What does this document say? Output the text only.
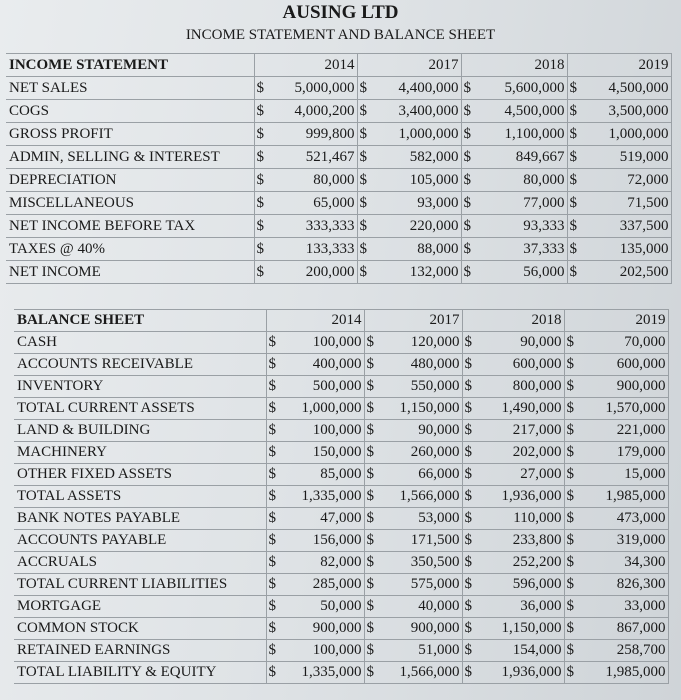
AUSING LTD
INCOME STATEMENT AND BALANCE SHEET
INCOME STATEMENT	2014	2017	2018	2019
NET SALES	$ 5,000,000	$ 4,400,000	$ 5,600,000	$ 4,500,000

COGS	$ 4,000,200	$ 3,400,000	$ 4,500,000	$ 3,500,000

GROSS PROFIT	$ 999,800	$ 1,000,000	$ 1,100,000	$ 1,000,000

ADMIN, SELLING & INTEREST	$ 521,467	$ 582,000	$ 849,667	$ 519,000

DEPRECIATION	$ 80,000	$ 105,000	$ 80,000	$ 72,000

MISCELLANEOUS	$ 65,000	$ 93,000	$ 77,000	$ 71,500

NET INCOME BEFORE TAX	$ 333,333	$ 220,000	$ 93,333	$ 337,500

TAXES @ 40%	$ 133,333	$ 88,000	$ 37,333	$ 135,000

NET INCOME	$ 200,000	$ 132,000	$ 56,000	$ 202,500
BALANCE SHEET	2014	2017	2018	2019
CASH	$ 100,000	$ 120,000	$ 90,000	$ 70,000

ACCOUNTS RECEIVABLE	$ 400,000	$ 480,000	$ 600,000	$ 600,000

INVENTORY	$ 500,000	$ 550,000	$ 800,000	$ 900,000

TOTAL CURRENT ASSETS	$ 1,000,000	$ 1,150,000	$ 1,490,000	$ 1,570,000

LAND & BUILDING	$ 100,000	$ 90,000	$ 217,000	$ 221,000

MACHINERY	$ 150,000	$ 260,000	$ 202,000	$ 179,000

OTHER FIXED ASSETS	$ 85,000	$ 66,000	$ 27,000	$ 15,000

TOTAL ASSETS	$ 1,335,000	$ 1,566,000	$ 1,936,000	$ 1,985,000

BANK NOTES PAYABLE	$ 47,000	$ 53,000	$ 110,000	$ 473,000

ACCOUNTS PAYABLE	$ 156,000	$ 171,500	$ 233,800	$ 319,000

ACCRUALS	$ 82,000	$ 350,500	$ 252,200	$ 34,300

TOTAL CURRENT LIABILITIES	$ 285,000	$ 575,000	$ 596,000	$ 826,300

MORTGAGE	$ 50,000	$ 40,000	$ 36,000	$ 33,000

COMMON STOCK	$ 900,000	$ 900,000	$ 1,150,000	$ 867,000

RETAINED EARNINGS	$ 100,000	$ 51,000	$ 154,000	$ 258,700

TOTAL LIABILITY & EQUITY	$ 1,335,000	$ 1,566,000	$ 1,936,000	$ 1,985,000
